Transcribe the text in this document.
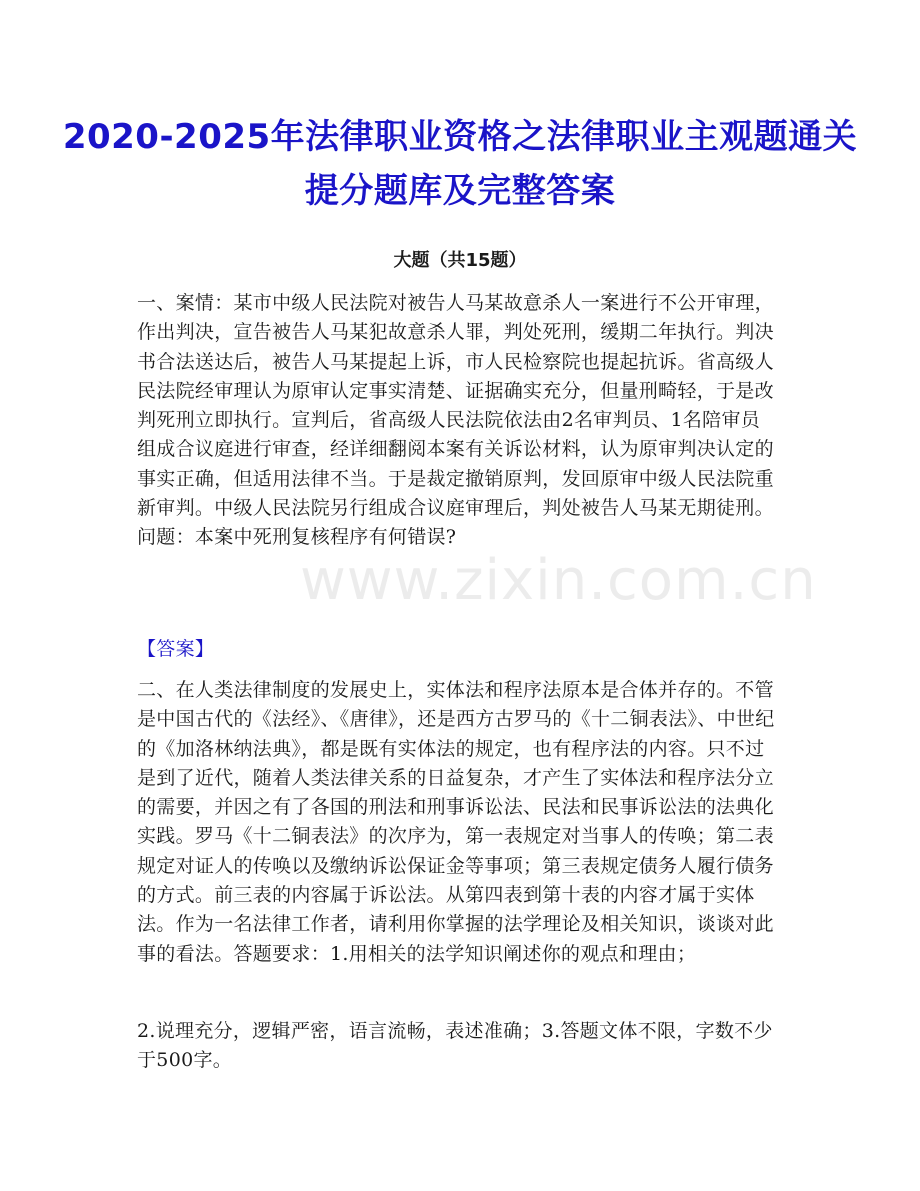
2020-2025年法律职业资格之法律职业主观题通关提分题库及完整答案
大题（共15题）
一、案情：某市中级人民法院对被告人马某故意杀人一案进行不公开审理，作出判决，宣告被告人马某犯故意杀人罪，判处死刑，缓期二年执行。判决书合法送达后，被告人马某提起上诉，市人民检察院也提起抗诉。省高级人民法院经审理认为原审认定事实清楚、证据确实充分，但量刑畸轻，于是改判死刑立即执行。宣判后，省高级人民法院依法由2名审判员、1名陪审员组成合议庭进行审查，经详细翻阅本案有关诉讼材料，认为原审判决认定的事实正确，但适用法律不当。于是裁定撤销原判，发回原审中级人民法院重新审判。中级人民法院另行组成合议庭审理后，判处被告人马某无期徒刑。问题：本案中死刑复核程序有何错误?
www.zixin.com.cn
【答案】
二、在人类法律制度的发展史上，实体法和程序法原本是合体并存的。不管是中国古代的《法经》、《唐律》，还是西方古罗马的《十二铜表法》、中世纪的《加洛林纳法典》，都是既有实体法的规定，也有程序法的内容。只不过是到了近代，随着人类法律关系的日益复杂，才产生了实体法和程序法分立的需要，并因之有了各国的刑法和刑事诉讼法、民法和民事诉讼法的法典化实践。罗马《十二铜表法》的次序为，第一表规定对当事人的传唤；第二表规定对证人的传唤以及缴纳诉讼保证金等事项；第三表规定债务人履行债务的方式。前三表的内容属于诉讼法。从第四表到第十表的内容才属于实体法。作为一名法律工作者，请利用你掌握的法学理论及相关知识，谈谈对此事的看法。答题要求：1.用相关的法学知识阐述你的观点和理由；
2.说理充分，逻辑严密，语言流畅，表述准确；3.答题文体不限，字数不少于500字。
